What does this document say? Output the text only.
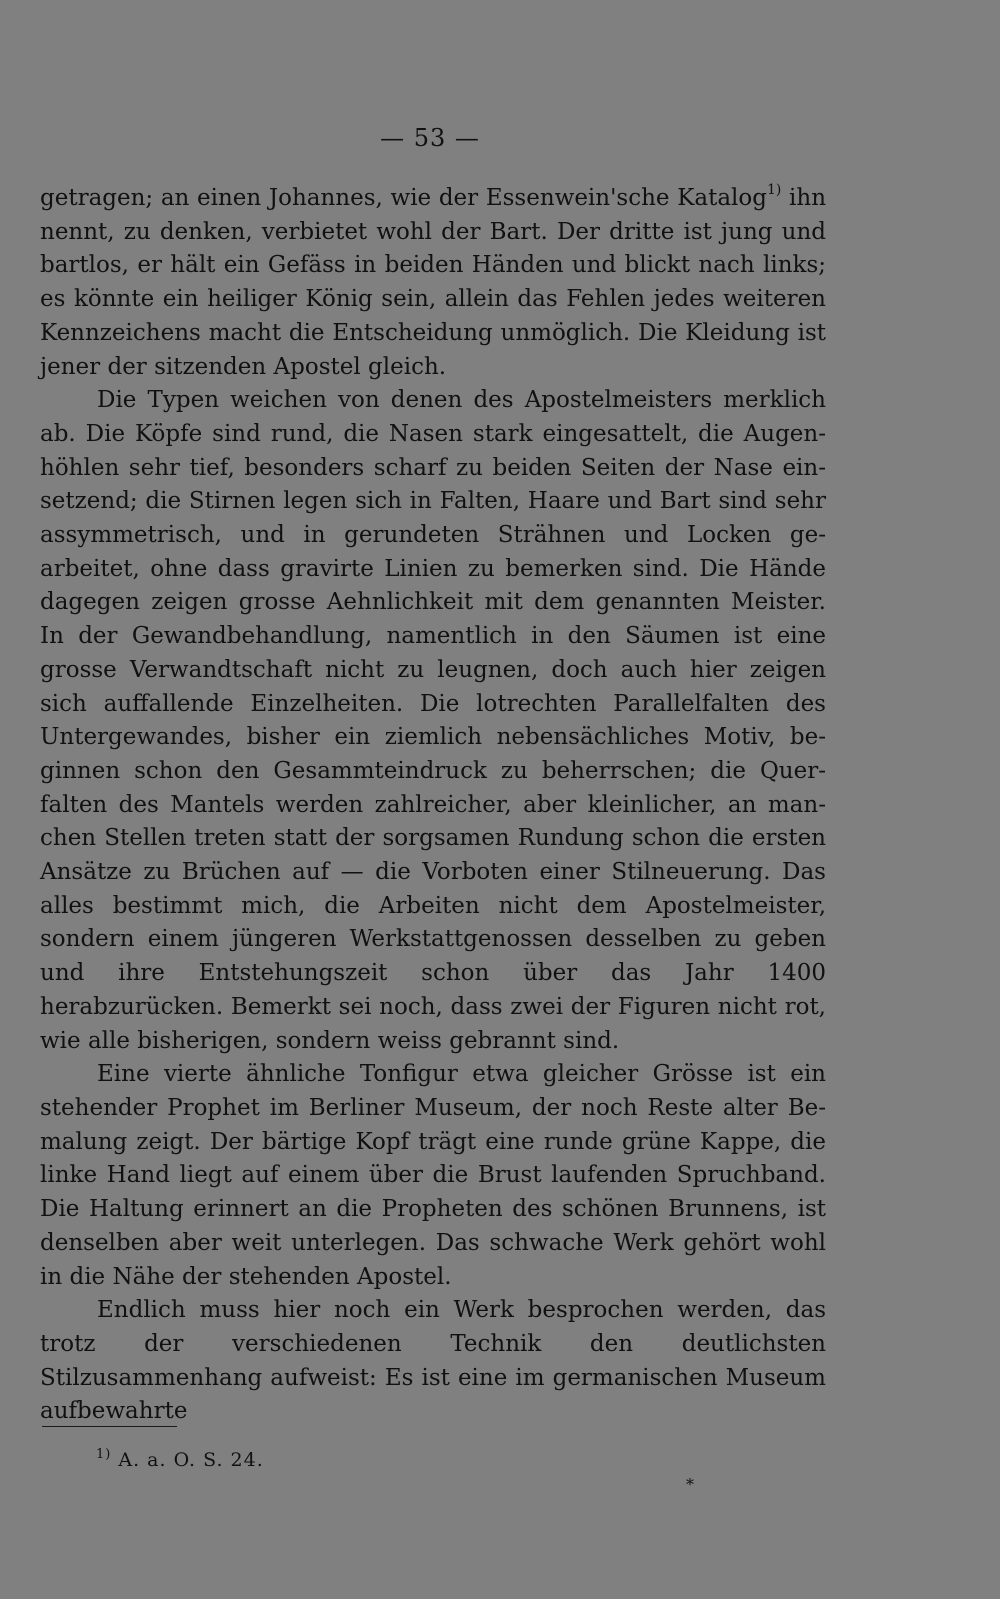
— 53 —

getragen; an einen Johannes, wie der Essenwein'sche Katalog$^{1)}$ ihn nennt, zu denken, verbietet wohl der Bart. Der dritte ist jung und bartlos, er hält ein Gefäss in beiden Händen und blickt nach links; es könnte ein heiliger König sein, allein das Fehlen jedes weiteren Kennzeichens macht die Entscheidung unmöglich. Die Kleidung ist jener der sitzenden Apostel gleich.

Die Typen weichen von denen des Apostelmeisters merklich ab. Die Köpfe sind rund, die Nasen stark eingesattelt, die Augenhöhlen sehr tief, besonders scharf zu beiden Seiten der Nase einsetzend; die Stirnen legen sich in Falten, Haare und Bart sind sehr assymmetrisch, und in gerundeten Strähnen und Locken gearbeitet, ohne dass gravirte Linien zu bemerken sind. Die Hände dagegen zeigen grosse Aehnlichkeit mit dem genannten Meister. In der Gewandbehandlung, namentlich in den Säumen ist eine grosse Verwandtschaft nicht zu leugnen, doch auch hier zeigen sich auffallende Einzelheiten. Die lotrechten Parallelfalten des Untergewandes, bisher ein ziemlich nebensächliches Motiv, beginnen schon den Gesammteindruck zu beherrschen; die Querfalten des Mantels werden zahlreicher, aber kleinlicher, an manchen Stellen treten statt der sorgsamen Rundung schon die ersten Ansätze zu Brüchen auf — die Vorboten einer Stilneuerung. Das alles bestimmt mich, die Arbeiten nicht dem Apostelmeister, sondern einem jüngeren Werkstattgenossen desselben zu geben und ihre Entstehungszeit schon über das Jahr 1400 herabzurücken. Bemerkt sei noch, dass zwei der Figuren nicht rot, wie alle bisherigen, sondern weiss gebrannt sind.

Eine vierte ähnliche Tonfigur etwa gleicher Grösse ist ein stehender Prophet im Berliner Museum, der noch Reste alter Bemalung zeigt. Der bärtige Kopf trägt eine runde grüne Kappe, die linke Hand liegt auf einem über die Brust laufenden Spruchband. Die Haltung erinnert an die Propheten des schönen Brunnens, ist denselben aber weit unterlegen. Das schwache Werk gehört wohl in die Nähe der stehenden Apostel.

Endlich muss hier noch ein Werk besprochen werden, das trotz der verschiedenen Technik den deutlichsten Stilzusammenhang aufweist: Es ist eine im germanischen Museum aufbewahrte

$^{1)}$ A. a. O. S. 24.
*
